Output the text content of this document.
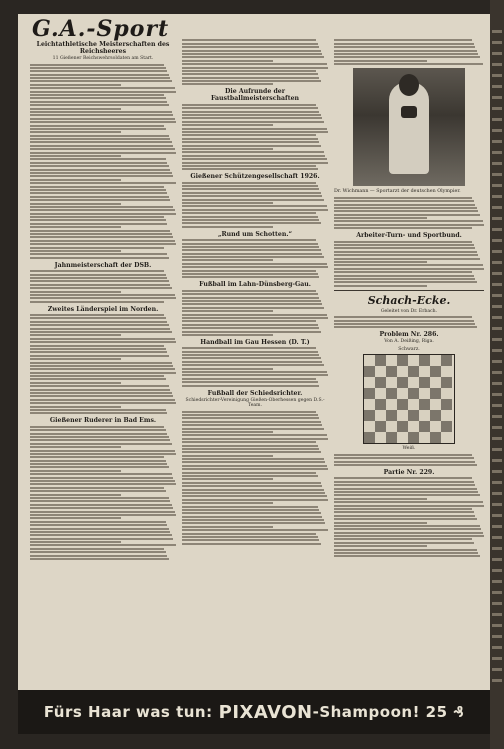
G.A.-Sport
Leichtathletische Meisterschaften des Reichsheeres
11 Gießener Reichswehrsoldaten am Start.
Jahnmeisterschaft der DSB.
Zweites Länderspiel im Norden.
Gießener Ruderer in Bad Ems.
Die Aufrunde der Faustballmeisterschaften
Gießener Schützengesellschaft 1926.
„Rund um Schotten.“
Fußball im Lahn-Dünsberg-Gau.
Handball im Gau Hessen (D. T.)
Fußball der Schiedsrichter.
Schiedsrichter-Vereinigung Gießen-Oberhessen gegen D.S.-Team.
Dr. Wichmann — Sportarzt der deutschen Olympier.
Arbeiter-Turn- und Sportbund.
Schach-Ecke.
Geleitet von Dr. Erbach.
Problem Nr. 286.
Von A. Deißing, Riga.
Schwarz.
Weiß.
Partie Nr. 229.
Fürs Haar was tun: PIXAVON -Shampoon! 25 ₰
